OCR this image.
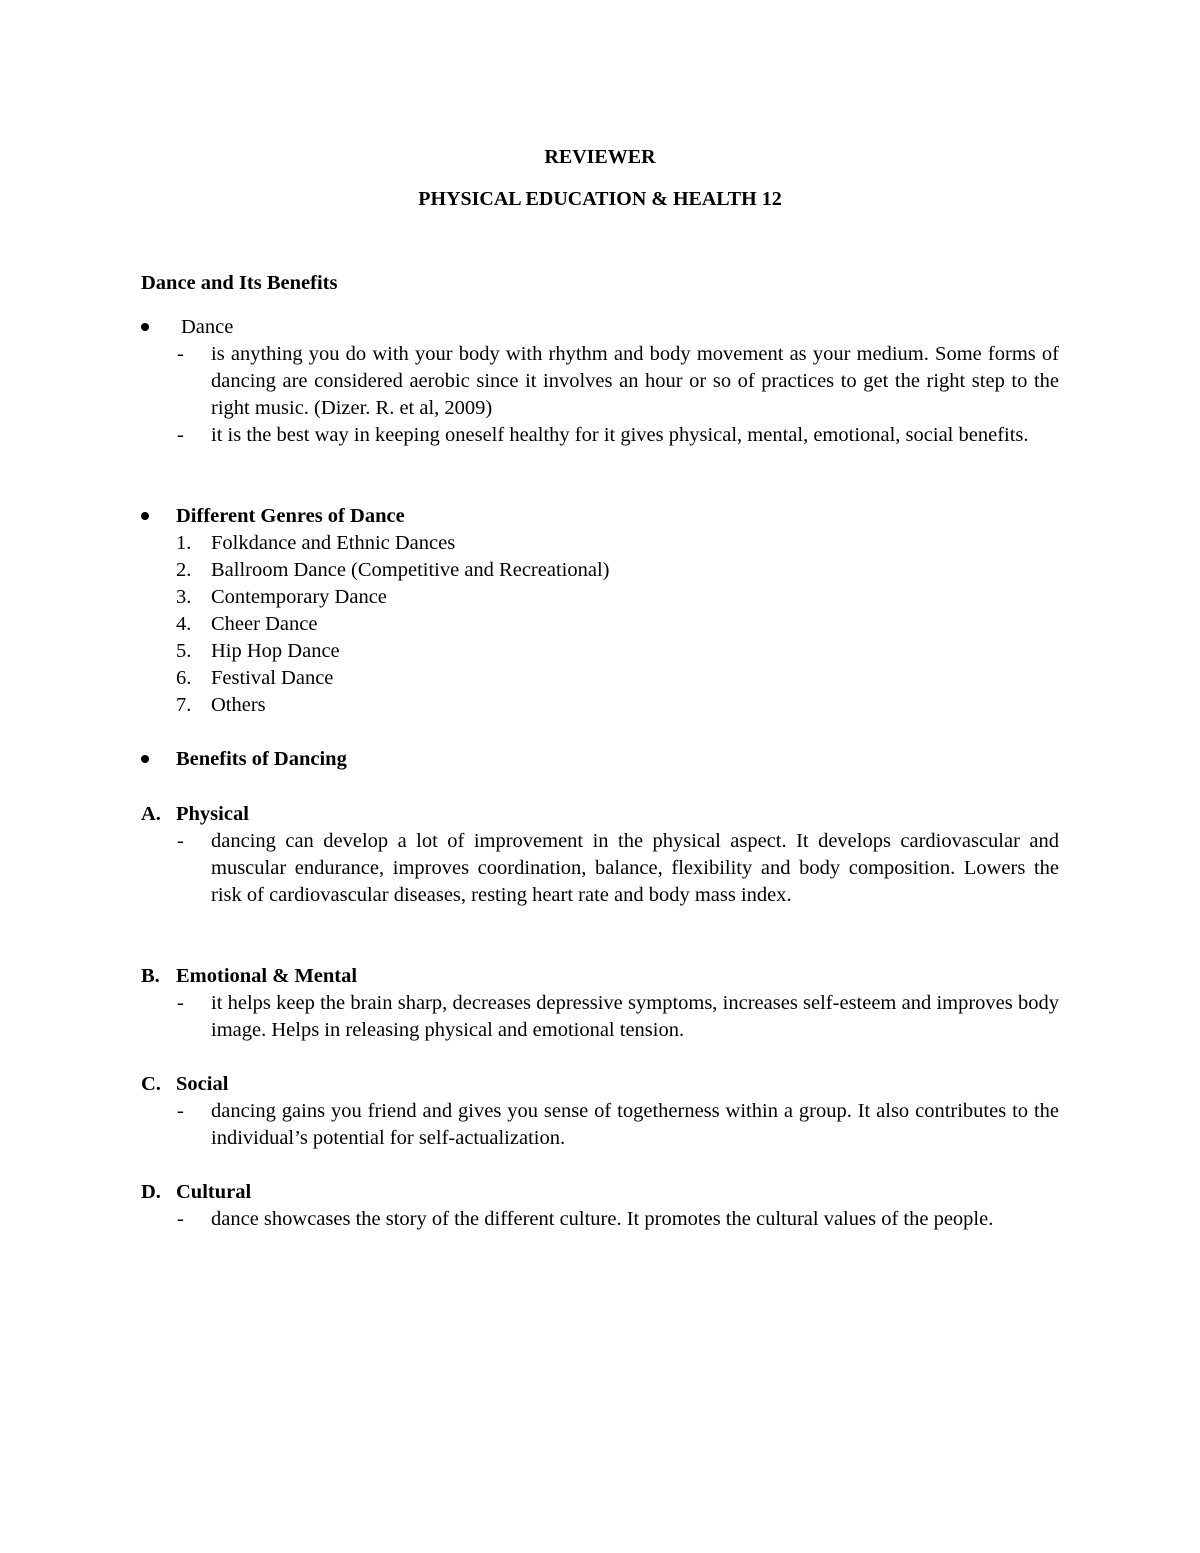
REVIEWER
PHYSICAL EDUCATION & HEALTH 12
Dance and Its Benefits
Dance
- is anything you do with your body with rhythm and body movement as your medium. Some forms of dancing are considered aerobic since it involves an hour or so of practices to get the right step to the right music. (Dizer. R. et al, 2009)
- it is the best way in keeping oneself healthy for it gives physical, mental, emotional, social benefits.
Different Genres of Dance
1. Folkdance and Ethnic Dances
2. Ballroom Dance (Competitive and Recreational)
3. Contemporary Dance
4. Cheer Dance
5. Hip Hop Dance
6. Festival Dance
7. Others
Benefits of Dancing
A. Physical
- dancing can develop a lot of improvement in the physical aspect. It develops cardiovascular and muscular endurance, improves coordination, balance, flexibility and body composition. Lowers the risk of cardiovascular diseases, resting heart rate and body mass index.
B. Emotional & Mental
- it helps keep the brain sharp, decreases depressive symptoms, increases self-esteem and improves body image. Helps in releasing physical and emotional tension.
C. Social
- dancing gains you friend and gives you sense of togetherness within a group. It also contributes to the individual’s potential for self-actualization.
D. Cultural
- dance showcases the story of the different culture. It promotes the cultural values of the people.
